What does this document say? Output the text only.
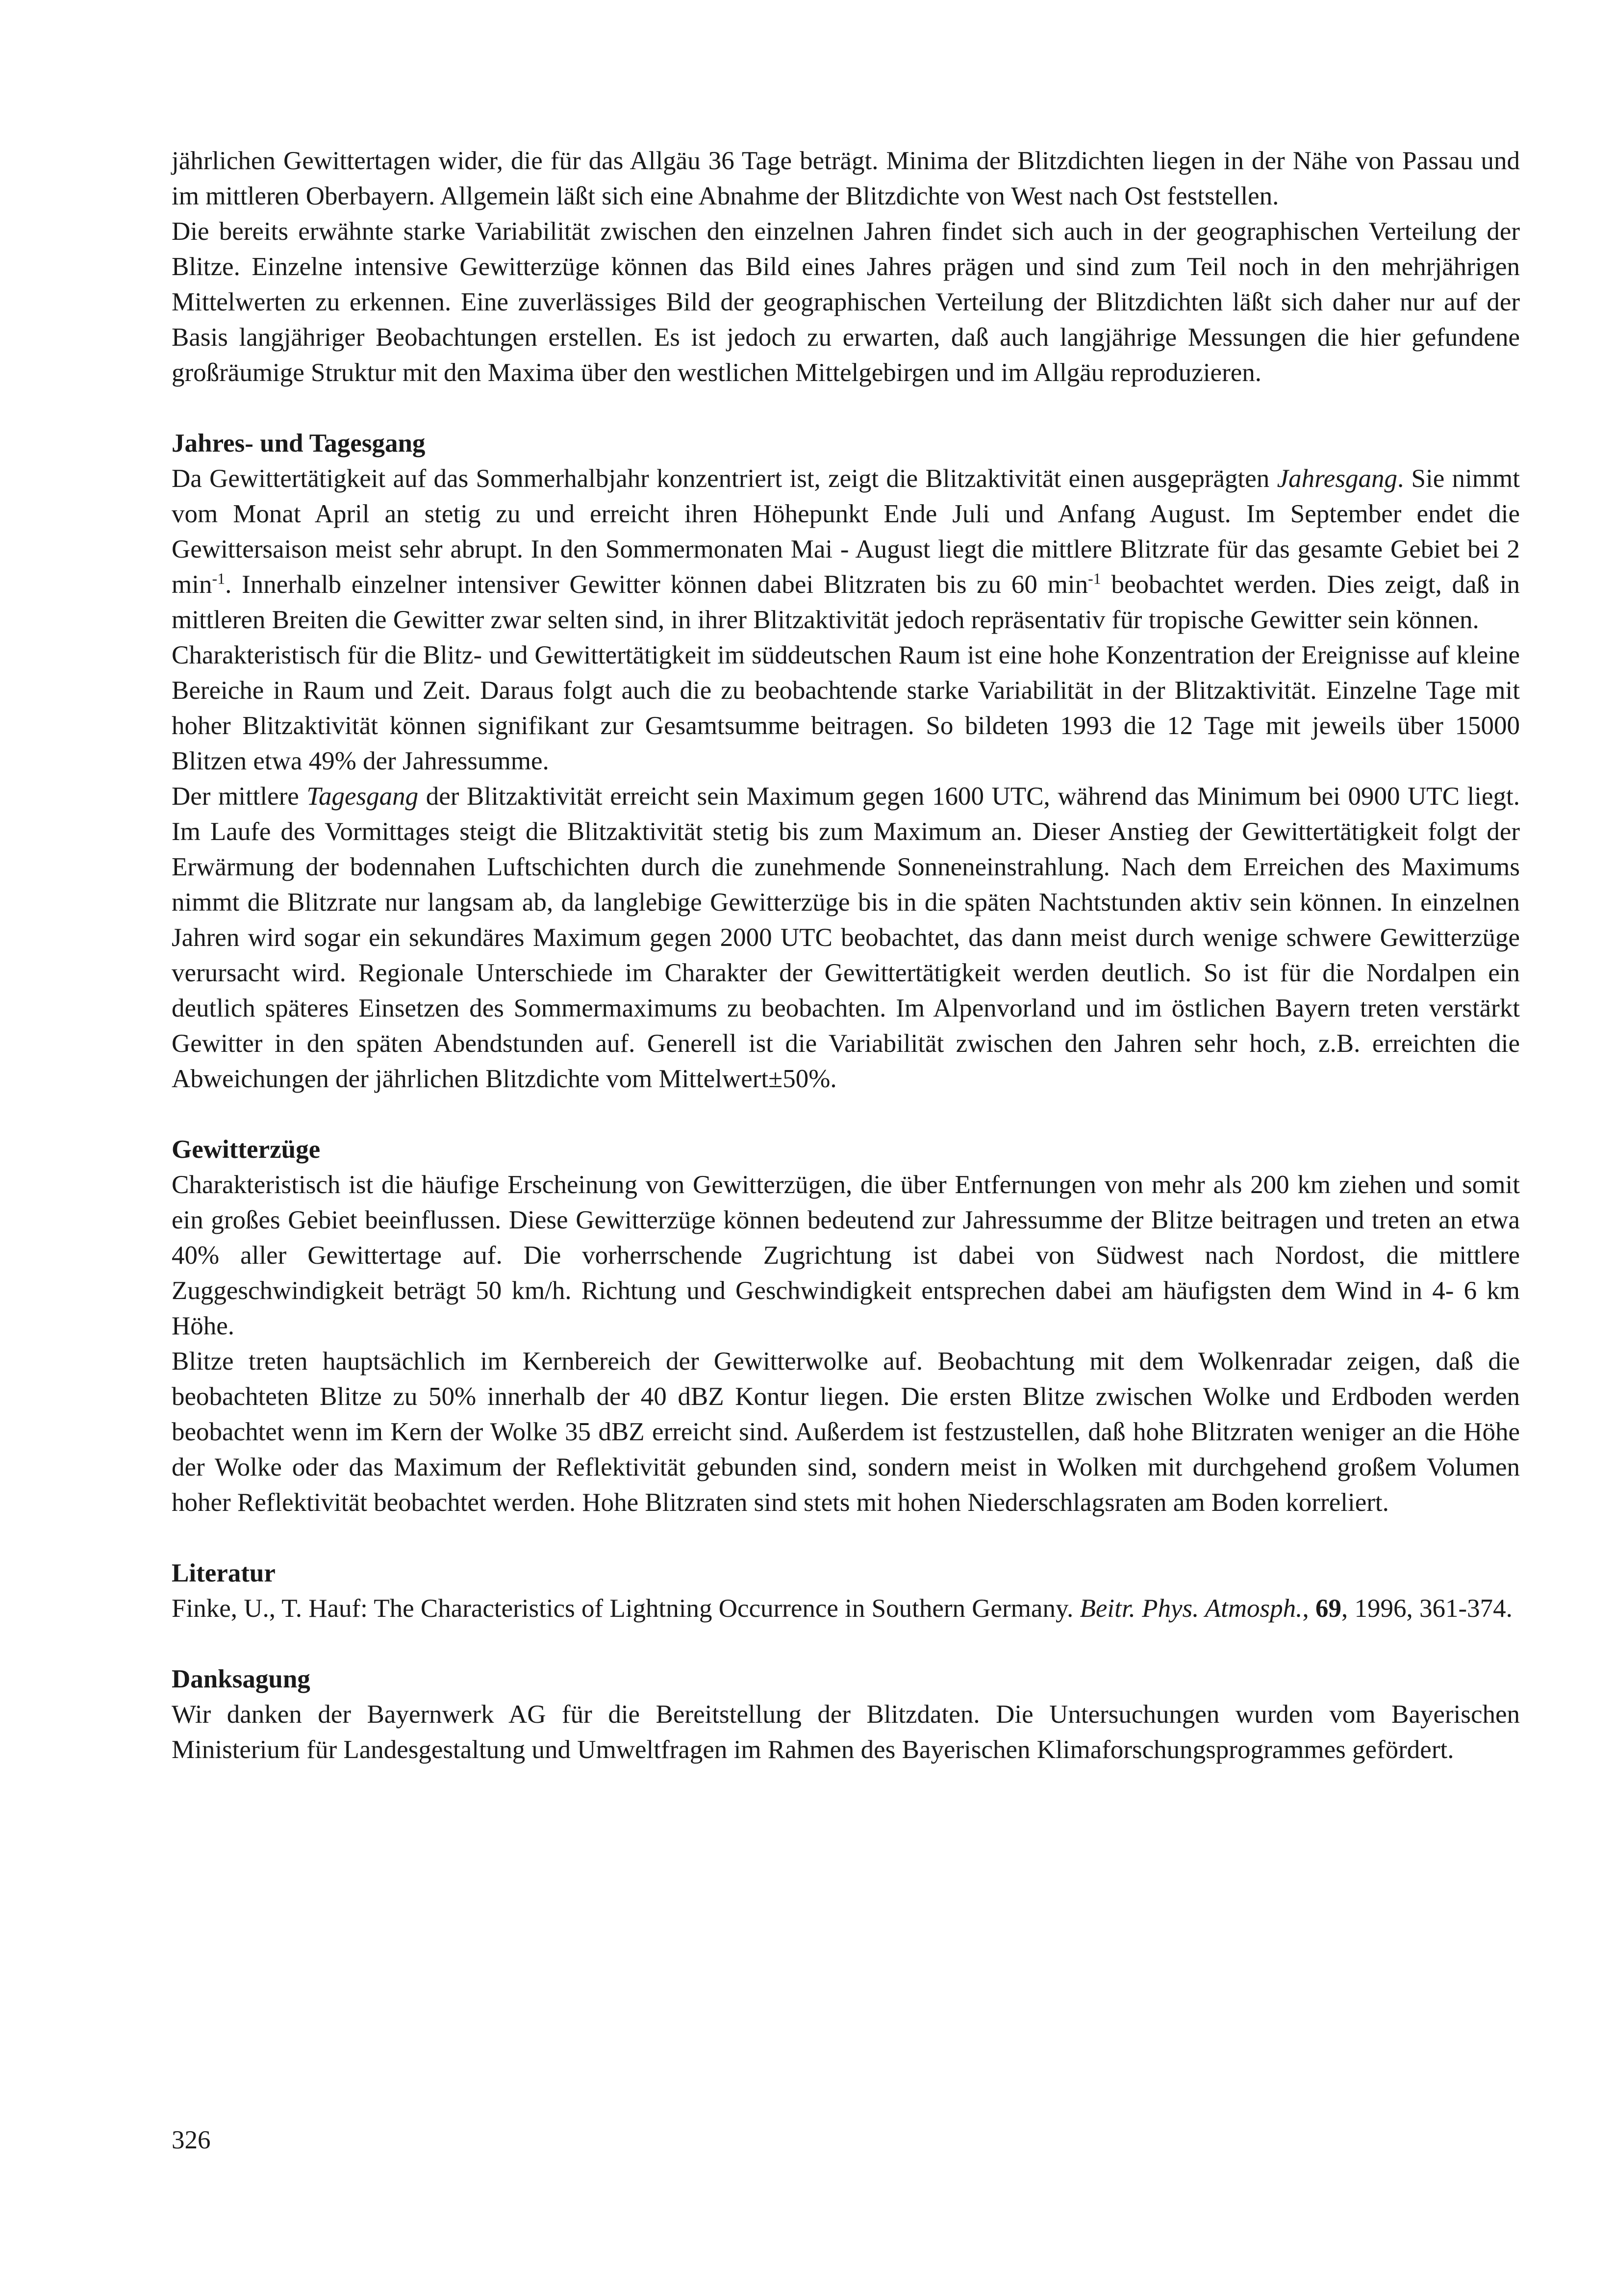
jährlichen Gewittertagen wider, die für das Allgäu 36 Tage beträgt. Minima der Blitzdichten liegen in der Nähe von Passau und im mittleren Oberbayern. Allgemein läßt sich eine Abnahme der Blitzdichte von West nach Ost feststellen.

Die bereits erwähnte starke Variabilität zwischen den einzelnen Jahren findet sich auch in der geographischen Verteilung der Blitze. Einzelne intensive Gewitterzüge können das Bild eines Jahres prägen und sind zum Teil noch in den mehrjährigen Mittelwerten zu erkennen. Eine zuverlässiges Bild der geographischen Verteilung der Blitzdichten läßt sich daher nur auf der Basis langjähriger Beobachtungen erstellen. Es ist jedoch zu erwarten, daß auch langjährige Messungen die hier gefundene großräumige Struktur mit den Maxima über den westlichen Mittelgebirgen und im Allgäu reproduzieren.

Jahres- und Tagesgang

Da Gewittertätigkeit auf das Sommerhalbjahr konzentriert ist, zeigt die Blitzaktivität einen ausgeprägten Jahresgang. Sie nimmt vom Monat April an stetig zu und erreicht ihren Höhepunkt Ende Juli und Anfang August. Im September endet die Gewittersaison meist sehr abrupt. In den Sommermonaten Mai - August liegt die mittlere Blitzrate für das gesamte Gebiet bei 2 $\min^{-1}$. Innerhalb einzelner intensiver Gewitter können dabei Blitzraten bis zu 60 $\min^{-1}$ beobachtet werden. Dies zeigt, daß in mittleren Breiten die Gewitter zwar selten sind, in ihrer Blitzaktivität jedoch repräsentativ für tropische Gewitter sein können.

Charakteristisch für die Blitz- und Gewittertätigkeit im süddeutschen Raum ist eine hohe Konzentration der Ereignisse auf kleine Bereiche in Raum und Zeit. Daraus folgt auch die zu beobachtende starke Variabilität in der Blitzaktivität. Einzelne Tage mit hoher Blitzaktivität können signifikant zur Gesamtsumme beitragen. So bildeten 1993 die 12 Tage mit jeweils über 15000 Blitzen etwa 49% der Jahressumme.

Der mittlere Tagesgang der Blitzaktivität erreicht sein Maximum gegen 1600 UTC, während das Minimum bei 0900 UTC liegt. Im Laufe des Vormittages steigt die Blitzaktivität stetig bis zum Maximum an. Dieser Anstieg der Gewittertätigkeit folgt der Erwärmung der bodennahen Luftschichten durch die zunehmende Sonneneinstrahlung. Nach dem Erreichen des Maximums nimmt die Blitzrate nur langsam ab, da langlebige Gewitterzüge bis in die späten Nachtstunden aktiv sein können. In einzelnen Jahren wird sogar ein sekundäres Maximum gegen 2000 UTC beobachtet, das dann meist durch wenige schwere Gewitterzüge verursacht wird. Regionale Unterschiede im Charakter der Gewittertätigkeit werden deutlich. So ist für die Nordalpen ein deutlich späteres Einsetzen des Sommermaximums zu beobachten. Im Alpenvorland und im östlichen Bayern treten verstärkt Gewitter in den späten Abendstunden auf. Generell ist die Variabilität zwischen den Jahren sehr hoch, z.B. erreichten die Abweichungen der jährlichen Blitzdichte vom Mittelwert±50%.

Gewitterzüge

Charakteristisch ist die häufige Erscheinung von Gewitterzügen, die über Entfernungen von mehr als 200 km ziehen und somit ein großes Gebiet beeinflussen. Diese Gewitterzüge können bedeutend zur Jahressumme der Blitze beitragen und treten an etwa 40% aller Gewittertage auf. Die vorherrschende Zugrichtung ist dabei von Südwest nach Nordost, die mittlere Zuggeschwindigkeit beträgt 50 km/h. Richtung und Geschwindigkeit entsprechen dabei am häufigsten dem Wind in 4- 6 km Höhe.

Blitze treten hauptsächlich im Kernbereich der Gewitterwolke auf. Beobachtung mit dem Wolkenradar zeigen, daß die beobachteten Blitze zu 50% innerhalb der 40 dBZ Kontur liegen. Die ersten Blitze zwischen Wolke und Erdboden werden beobachtet wenn im Kern der Wolke 35 dBZ erreicht sind. Außerdem ist festzustellen, daß hohe Blitzraten weniger an die Höhe der Wolke oder das Maximum der Reflektivität gebunden sind, sondern meist in Wolken mit durchgehend großem Volumen hoher Reflektivität beobachtet werden. Hohe Blitzraten sind stets mit hohen Niederschlagsraten am Boden korreliert.

Literatur

Finke, U., T. Hauf: The Characteristics of Lightning Occurrence in Southern Germany. Beitr. Phys. Atmosph., 69, 1996, 361-374.

Danksagung

Wir danken der Bayernwerk AG für die Bereitstellung der Blitzdaten. Die Untersuchungen wurden vom Bayerischen Ministerium für Landesgestaltung und Umweltfragen im Rahmen des Bayerischen Klimaforschungsprogrammes gefördert.

326
